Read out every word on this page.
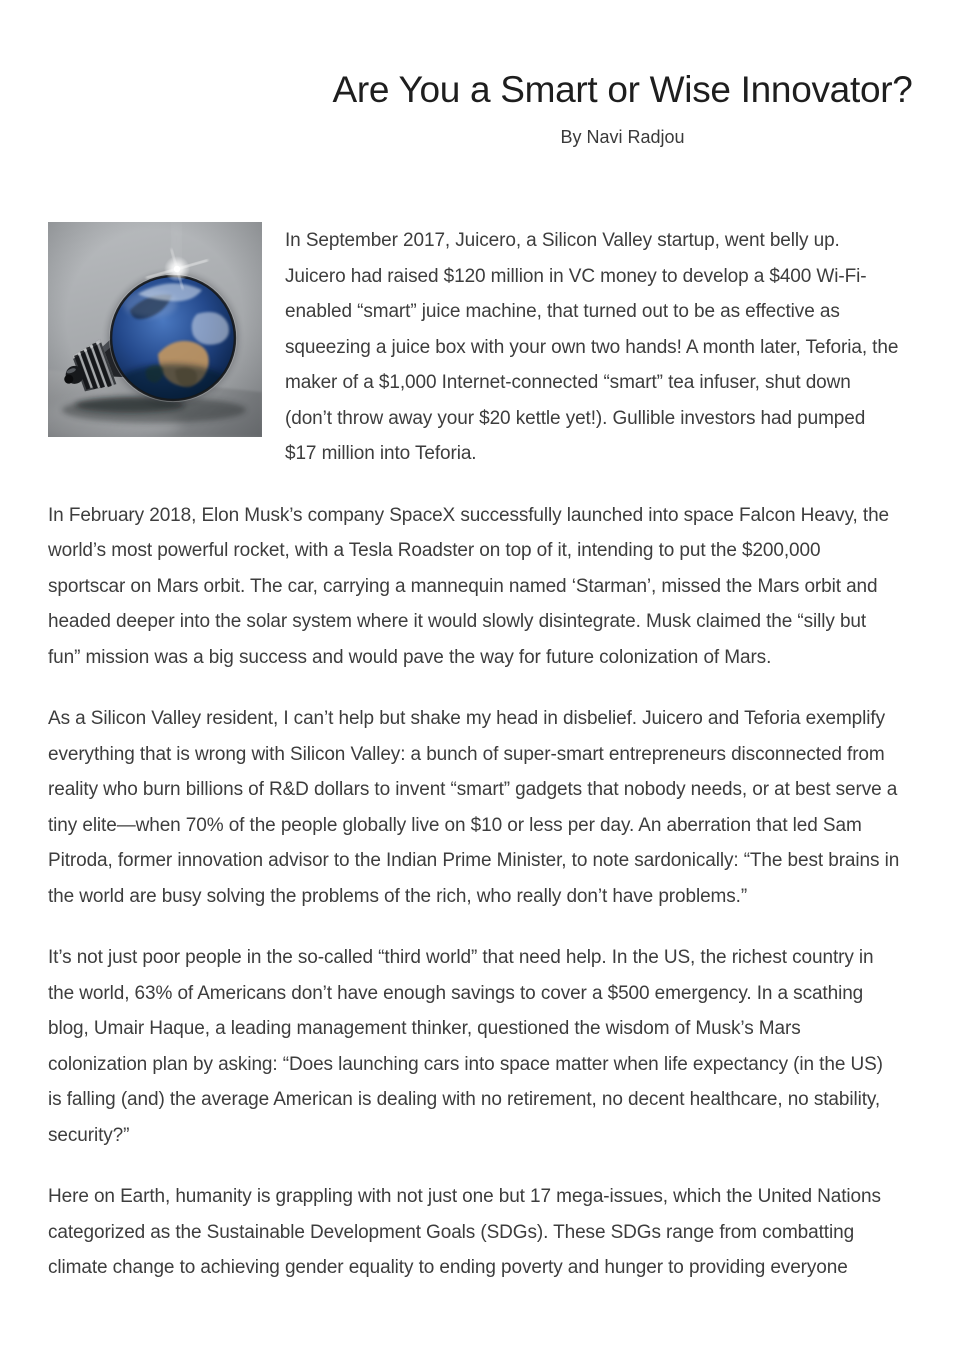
Are You a Smart or Wise Innovator?
By Navi Radjou

In September 2017, Juicero, a Silicon Valley startup, went belly up. Juicero had raised $120 million in VC money to develop a $400 Wi-Fi-enabled “smart” juice machine, that turned out to be as effective as squeezing a juice box with your own two hands! A month later, Teforia, the maker of a $1,000 Internet-connected “smart” tea infuser, shut down (don’t throw away your $20 kettle yet!). Gullible investors had pumped $17 million into Teforia.

In February 2018, Elon Musk’s company SpaceX successfully launched into space Falcon Heavy, the world’s most powerful rocket, with a Tesla Roadster on top of it, intending to put the $200,000 sportscar on Mars orbit. The car, carrying a mannequin named ‘Starman’, missed the Mars orbit and headed deeper into the solar system where it would slowly disintegrate. Musk claimed the “silly but fun” mission was a big success and would pave the way for future colonization of Mars.

As a Silicon Valley resident, I can’t help but shake my head in disbelief. Juicero and Teforia exemplify everything that is wrong with Silicon Valley: a bunch of super-smart entrepreneurs disconnected from reality who burn billions of R&D dollars to invent “smart” gadgets that nobody needs, or at best serve a tiny elite—when 70% of the people globally live on $10 or less per day. An aberration that led Sam Pitroda, former innovation advisor to the Indian Prime Minister, to note sardonically: “The best brains in the world are busy solving the problems of the rich, who really don’t have problems.”

It’s not just poor people in the so-called “third world” that need help. In the US, the richest country in the world, 63% of Americans don’t have enough savings to cover a $500 emergency. In a scathing blog, Umair Haque, a leading management thinker, questioned the wisdom of Musk’s Mars colonization plan by asking: “Does launching cars into space matter when life expectancy (in the US) is falling (and) the average American is dealing with no retirement, no decent healthcare, no stability, security?”

Here on Earth, humanity is grappling with not just one but 17 mega-issues, which the United Nations categorized as the Sustainable Development Goals (SDGs). These SDGs range from combatting climate change to achieving gender equality to ending poverty and hunger to providing everyone
